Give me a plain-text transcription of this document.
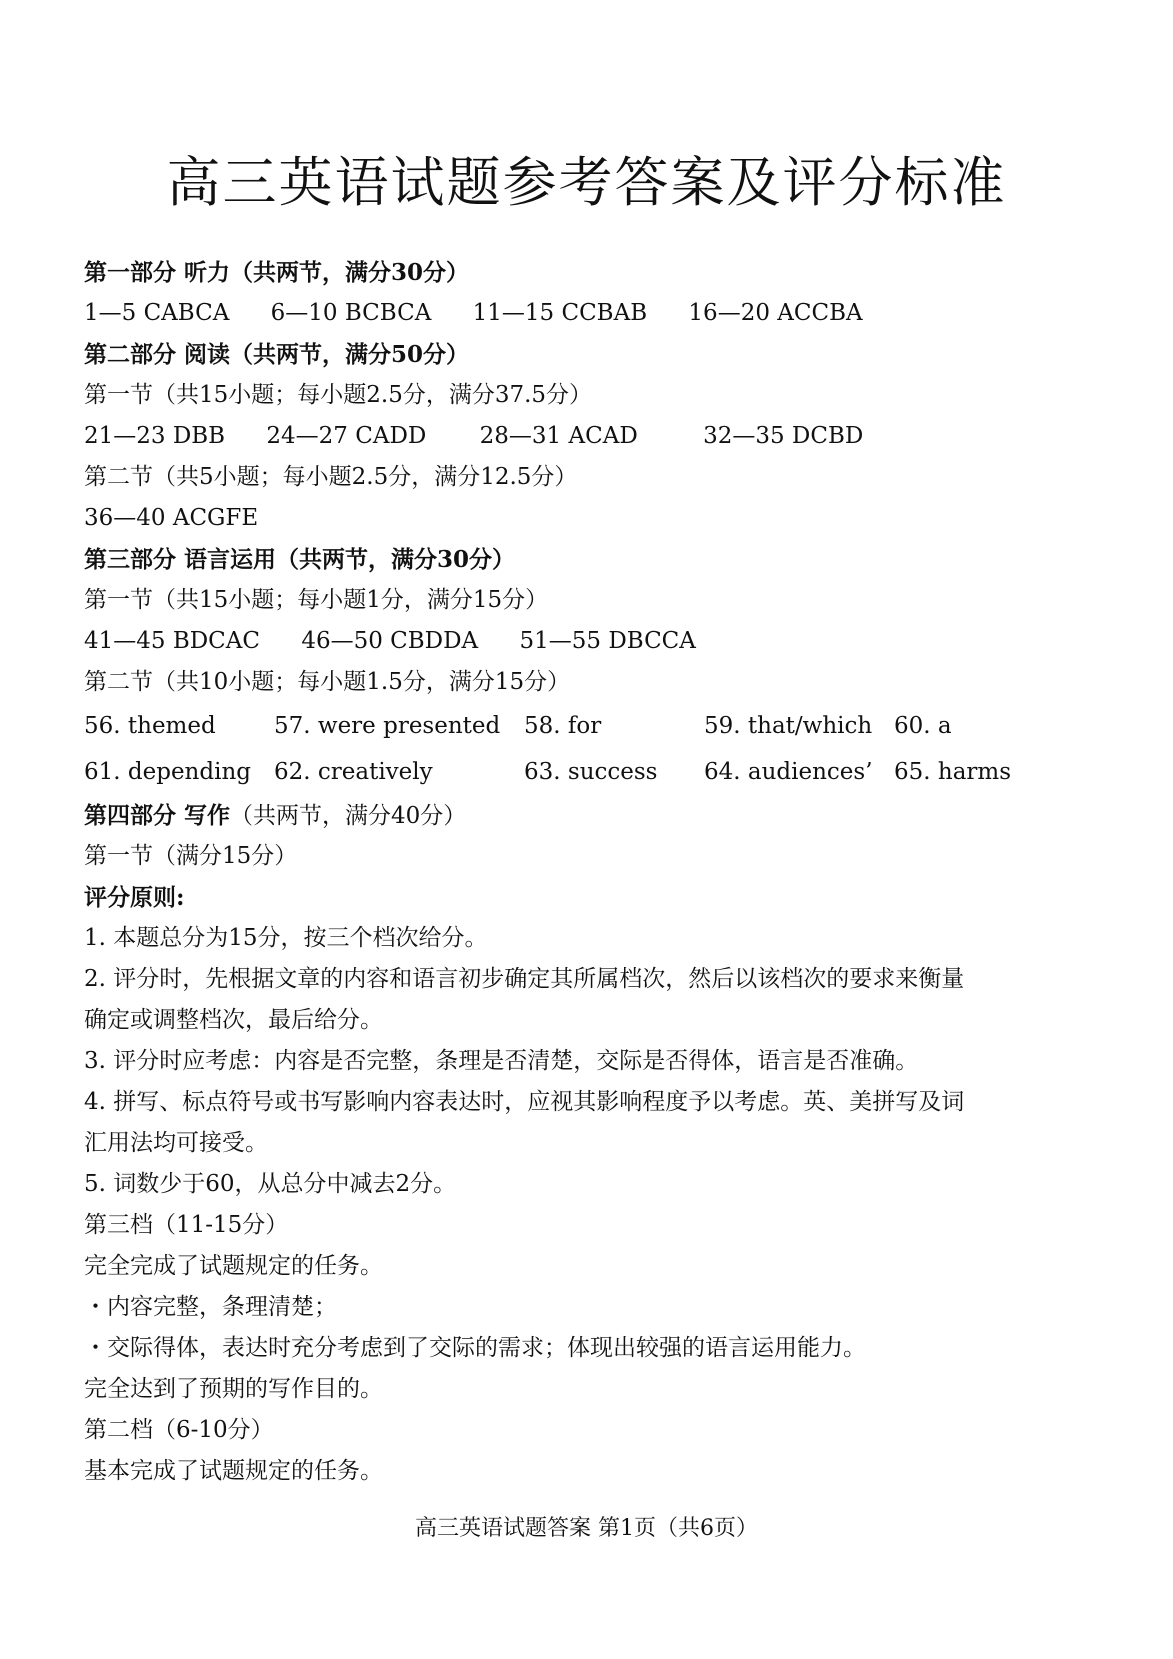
高三英语试题参考答案及评分标准
第一部分 听力（共两节，满分30分）
1—5 CABCA 6—10 BCBCA 11—15 CCBAB 16—20 ACCBA
第二部分 阅读（共两节，满分50分）
第一节（共15小题；每小题2.5分，满分37.5分）
21—23 DBB 24—27 CADD 28—31 ACAD	32—35 DCBD
第二节（共5小题；每小题2.5分，满分12.5分）
36—40 ACGFE
第三部分 语言运用（共两节，满分30分）
第一节（共15小题；每小题1分，满分15分）
41—45 BDCAC 46—50 CBDDA 51—55 DBCCA
第二节（共10小题；每小题1.5分，满分15分）
56. themed	57. were presented 58. for	59. that/which 60. a
61. depending 62. creatively	63. success 64. audiences’ 65. harms
第四部分 写作（共两节，满分40分）
第一节（满分15分）
评分原则:
1. 本题总分为15分，按三个档次给分。
2. 评分时，先根据文章的内容和语言初步确定其所属档次，然后以该档次的要求来衡量确定或调整档次，最后给分。
3. 评分时应考虑：内容是否完整，条理是否清楚，交际是否得体，语言是否准确。
4. 拼写、标点符号或书写影响内容表达时，应视其影响程度予以考虑。英、美拼写及词汇用法均可接受。
5. 词数少于60，从总分中减去2分。
第三档（11-15分）
完全完成了试题规定的任务。
・内容完整，条理清楚；
・交际得体，表达时充分考虑到了交际的需求；体现出较强的语言运用能力。
完全达到了预期的写作目的。
第二档（6-10分）
基本完成了试题规定的任务。
高三英语试题答案 第1页（共6页）
